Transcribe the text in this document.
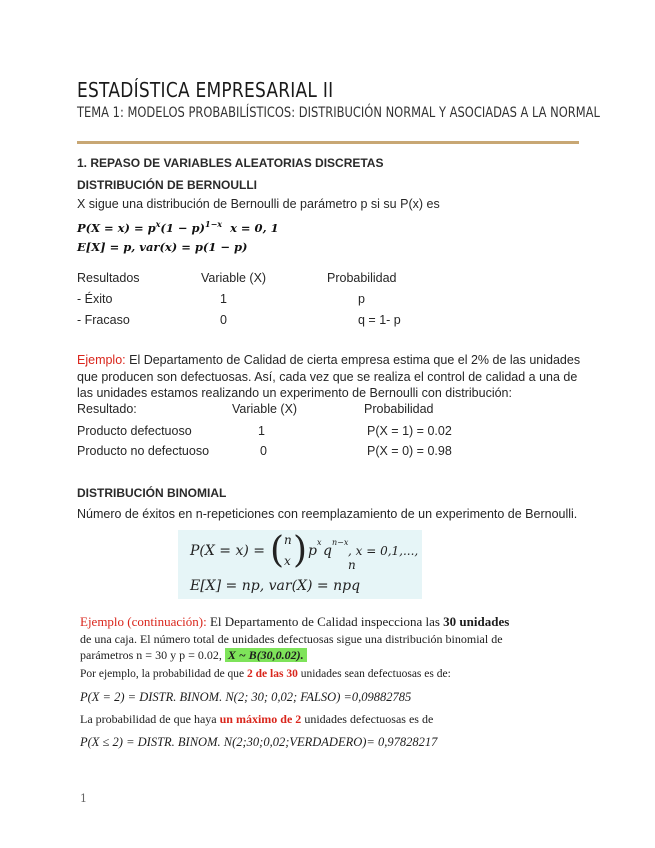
ESTADÍSTICA EMPRESARIAL II
TEMA 1: MODELOS PROBABILÍSTICOS: DISTRIBUCIÓN NORMAL Y ASOCIADAS A LA NORMAL
1. REPASO DE VARIABLES ALEATORIAS DISCRETAS
DISTRIBUCIÓN DE BERNOULLI
X sigue una distribución de Bernoulli de parámetro p si su P(x) es
$P(X = x) = p^x(1 - p)^{1-x}$ x = 0, 1
E[X] = p, var(x) = p(1 − p)
Resultados	Variable (X)	Probabilidad
- Éxito	1	p
- Fracaso	0	q = 1- p
Ejemplo: El Departamento de Calidad de cierta empresa estima que el 2% de las unidades
que producen son defectuosas. Así, cada vez que se realiza el control de calidad a una de
las unidades estamos realizando un experimento de Bernoulli con distribución:
Resultado:	Variable (X)	Probabilidad
Producto defectuoso	1	P(X = 1) = 0.02
Producto no defectuoso	0	P(X = 0) = 0.98
DISTRIBUCIÓN BINOMIAL
Número de éxitos en n-repeticiones con reemplazamiento de un experimento de Bernoulli.
P(X = x) = ( n
x ) p
x
q
n−x
, x = 0,1,..., n
E[X] = np, var(X) = npq
Ejemplo (continuación): El Departamento de Calidad inspecciona las 30 unidades
de una caja. El número total de unidades defectuosas sigue una distribución binomial de
parámetros n = 30 y p = 0.02, X ~ B(30,0.02).
Por ejemplo, la probabilidad de que 2 de las 30 unidades sean defectuosas es de:
P(X = 2) = DISTR. BINOM. N(2; 30; 0,02; FALSO) =0,09882785
La probabilidad de que haya un máximo de 2 unidades defectuosas es de
P(X ≤ 2) = DISTR. BINOM. N(2;30;0,02;VERDADERO)= 0,97828217
1
